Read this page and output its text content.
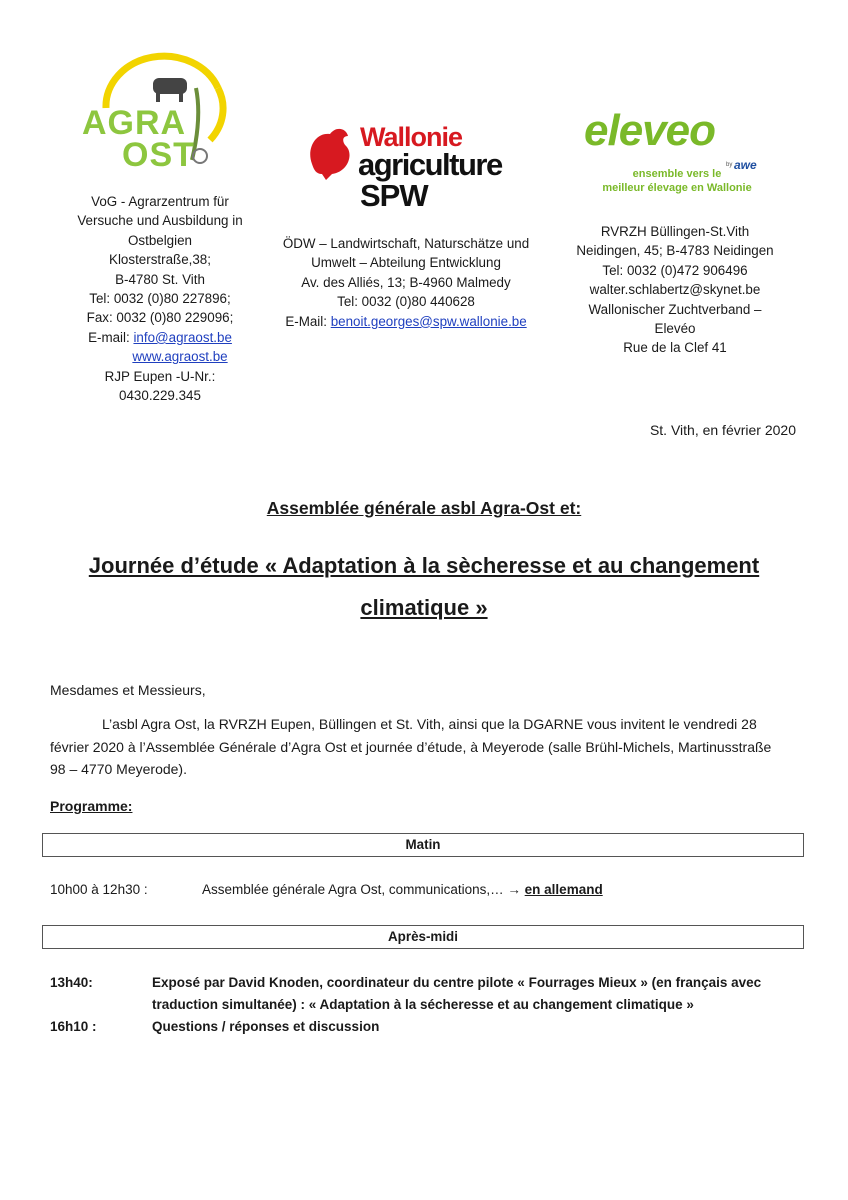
AGRA
OST	Wallonie
agriculture
SPW
eleveo
by awe
ensemble vers le
meilleur élevage en Wallonie
VoG - Agrarzentrum für
Versuche und Ausbildung in
Ostbelgien
Klosterstraße,38;
B-4780 St. Vith
Tel: 0032 (0)80 227896;
Fax: 0032 (0)80 229096;
E-mail: info@agraost.be
www.agraost.be
RJP Eupen -U-Nr.:
0430.229.345
ÖDW – Landwirtschaft, Naturschätze und
Umwelt – Abteilung Entwicklung
Av. des Alliés, 13; B-4960 Malmedy
Tel: 0032 (0)80 440628
E-Mail: benoit.georges@spw.wallonie.be
RVRZH Büllingen-St.Vith
Neidingen, 45; B-4783 Neidingen
Tel: 0032 (0)472 906496
walter.schlabertz@skynet.be
Wallonischer Zuchtverband –
Elevéo
Rue de la Clef 41
St. Vith, en février 2020
Assemblée générale asbl Agra-Ost et:
Journée d’étude « Adaptation à la sècheresse et au changement
climatique »
Mesdames et Messieurs,
L’asbl Agra Ost, la RVRZH Eupen, Büllingen et St. Vith, ainsi que la DGARNE vous invitent le vendredi 28
février 2020 à l’Assemblée Générale d’Agra Ost et journée d’étude, à Meyerode (salle Brühl-Michels, Martinusstraße
98 – 4770 Meyerode).
Programme:
Matin
10h00 à 12h30 :	Assemblée générale Agra Ost, communications,… → en allemand
Après-midi
13h40:	Exposé par David Knoden, coordinateur du centre pilote « Fourrages Mieux » (en français avec
traduction simultanée) : « Adaptation à la sécheresse et au changement climatique »
16h10 :	Questions / réponses et discussion
